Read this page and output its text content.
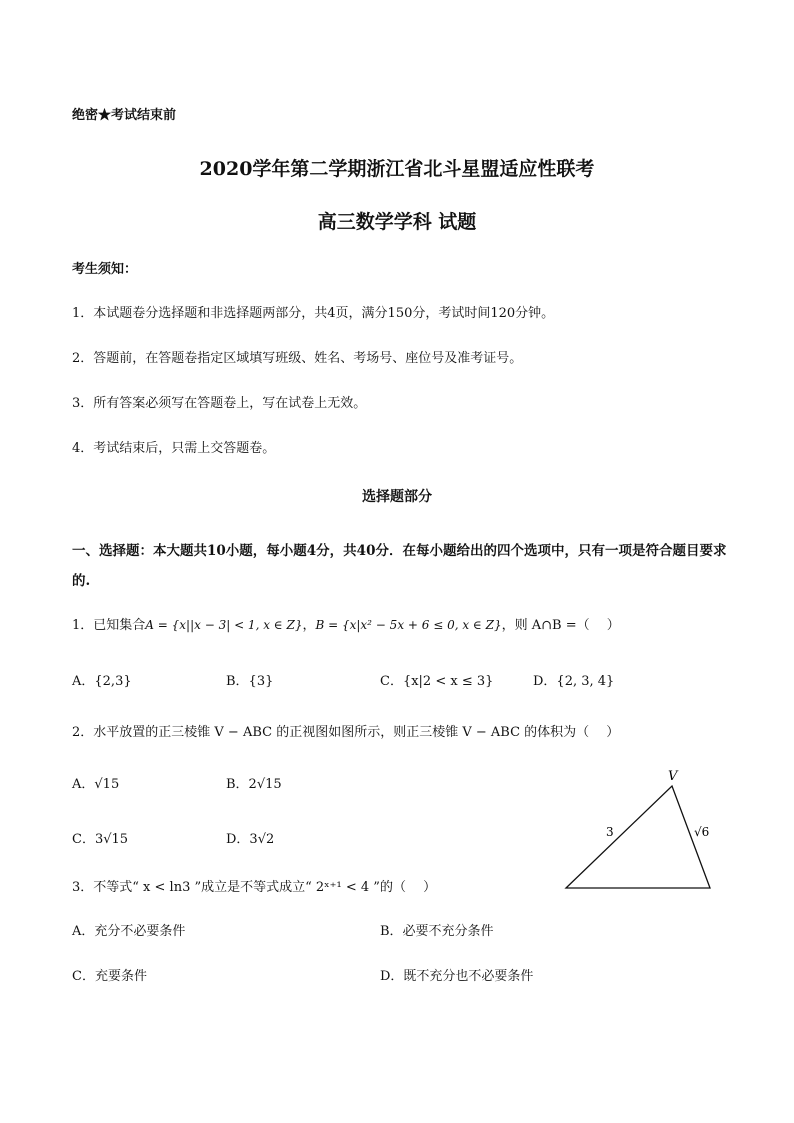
绝密★考试结束前
2020学年第二学期浙江省北斗星盟适应性联考
高三数学学科 试题
考生须知：
1．本试题卷分选择题和非选择题两部分，共4页，满分150分，考试时间120分钟。
2．答题前，在答题卷指定区域填写班级、姓名、考场号、座位号及准考证号。
3．所有答案必须写在答题卷上，写在试卷上无效。
4．考试结束后，只需上交答题卷。
选择题部分
一、选择题：本大题共10小题，每小题4分，共40分．在每小题给出的四个选项中，只有一项是符合题目要求的.
1．已知集合A = {x||x − 3| < 1, x ∈ Z}，B = {x|x² − 5x + 6 ≤ 0, x ∈ Z}，则 A∩B =（　 ）
A．{2,3}	B．{3}	C．{x|2 < x ≤ 3}	D．{2, 3, 4}
2．水平放置的正三棱锥 V − ABC 的正视图如图所示，则正三棱锥 V − ABC 的体积为（　 ）
A．√15	B．2√15
C．3√15	D．3√2
V
3	√6
3．不等式“ x < ln3 ”成立是不等式成立“ 2ˣ⁺¹ < 4 ”的（　 ）
A．充分不必要条件	B．必要不充分条件
C．充要条件	D．既不充分也不必要条件
